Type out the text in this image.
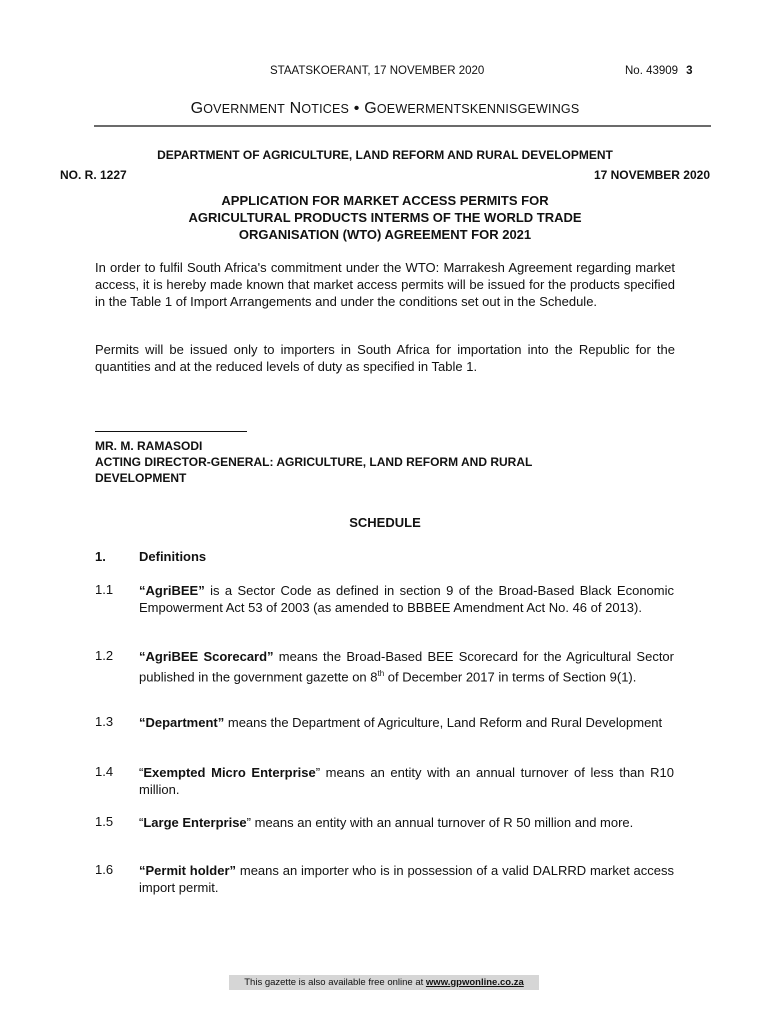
STAATSKOERANT, 17 NOVEMBER 2020	No. 43909 3
GOVERNMENT NOTICES • GOEWERMENTSKENNISGEWINGS
DEPARTMENT OF AGRICULTURE, LAND REFORM AND RURAL DEVELOPMENT
NO. R. 1227	17 NOVEMBER 2020
APPLICATION FOR MARKET ACCESS PERMITS FOR
AGRICULTURAL PRODUCTS INTERMS OF THE WORLD TRADE
ORGANISATION (WTO) AGREEMENT FOR 2021

In order to fulfil South Africa's commitment under the WTO: Marrakesh Agreement regarding market access, it is hereby made known that market access permits will be issued for the products specified in the Table 1 of Import Arrangements and under the conditions set out in the Schedule.

Permits will be issued only to importers in South Africa for importation into the Republic for the quantities and at the reduced levels of duty as specified in Table 1.

MR. M. RAMASODI
ACTING DIRECTOR-GENERAL: AGRICULTURE, LAND REFORM AND RURAL
DEVELOPMENT
SCHEDULE
1.	Definitions
1.1 “AgriBEE” is a Sector Code as defined in section 9 of the Broad-Based Black Economic Empowerment Act 53 of 2003 (as amended to BBBEE Amendment Act No. 46 of 2013).

1.2 “AgriBEE Scorecard” means the Broad-Based BEE Scorecard for the Agricultural Sector published in the government gazette on 8th of December 2017 in terms of Section 9(1).

1.3 “Department” means the Department of Agriculture, Land Reform and Rural Development

1.4 “Exempted Micro Enterprise” means an entity with an annual turnover of less than R10 million.

1.5 “Large Enterprise” means an entity with an annual turnover of R 50 million and more.

1.6 “Permit holder” means an importer who is in possession of a valid DALRRD market access import permit.

This gazette is also available free online at www.gpwonline.co.za
